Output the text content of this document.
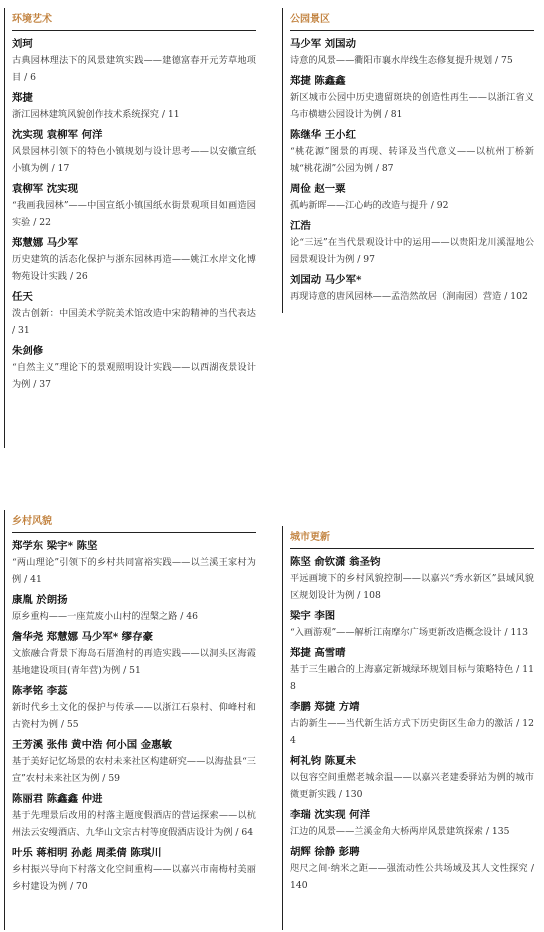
环境艺术
刘珂
古典园林理法下的风景建筑实践——建德富春开元芳草地项目 / 6
郑捷
浙江园林建筑风貌创作技术系统探究 / 11
沈实现 袁柳军 何洋
风景园林引领下的特色小镇规划与设计思考——以安徽宣纸小镇为例 / 17
袁柳军 沈实现
“我画我园林”——中国宣纸小镇国纸水街景观项目如画造园实验 / 22
郑慧娜 马少军
历史建筑的活态化保护与浙东园林再造——姚江水岸文化博物苑设计实践 / 26
任天
泼古创新：中国美术学院美术馆改造中宋韵精神的当代表达 / 31
朱剑修
“自然主义”理论下的景观照明设计实践——以西湖夜景设计为例 / 37
公园景区
马少军 刘国动
诗意的风景——衢阳市襄水岸线生态修复提升规划 / 75
郑捷 陈鑫鑫
新区城市公园中历史遗留斑块的创造性再生——以浙江省义乌市横塘公园设计为例 / 81
陈继华 王小红
“桃花源”图景的再现、转译及当代意义——以杭州丁桥新城“桃花湖”公园为例 / 87
周俭 赵一粟
孤屿新晖——江心屿的改造与提升 / 92
江浩
论“三远”在当代景观设计中的运用——以贵阳龙川溪湿地公园景观设计为例 / 97
刘国动 马少军*
再现诗意的唐风园林——孟浩然故居（涧南园）营造 / 102
乡村风貌
郑学东 梁宇* 陈坚
“两山理论”引领下的乡村共同富裕实践——以兰溪王家村为例 / 41
康胤 於朗扬
原乡重构——一座荒废小山村的涅槃之路 / 46
詹华尧 郑慧娜 马少军* 缪存豪
文旅融合背景下海岛石厝渔村的再造实践——以洞头区海霞基地建设项目(青年营)为例 / 51
陈孝铭 李蕊
新时代乡土文化的保护与传承——以浙江石泉村、仰峰村和古瓷村为例 / 55
王芳溪 张伟 黄中浩 何小国 金惠敏
基于美好记忆场景的农村未来社区构建研究——以海盐县“三宣”农村未来社区为例 / 59
陈丽君 陈鑫鑫 仲进
基于先理景后改用的村落主题度假酒店的营运探索——以杭州法云安缦酒店、九华山文宗古村等度假酒店设计为例 / 64
叶乐 蒋相明 孙彪 周柔倩 陈琪川
乡村振兴导向下村落文化空间重构——以嘉兴市南梅村美丽乡村建设为例 / 70
城市更新
陈坚 俞钦潇 翁圣钧
平远画境下的乡村风貌控制——以嘉兴“秀水新区”县域风貌区规划设计为例 / 108
梁宇 李图
“入画游观”——解析江南摩尔广场更新改造概念设计 / 113
郑捷 高雪晴
基于三生融合的上海嘉定新城绿环规划目标与策略特色 / 118
李鹏 郑捷 方靖
古韵新生——当代新生活方式下历史街区生命力的激活 / 124
柯礼钧 陈夏未
以包容空间重燃老城余温——以嘉兴老建委驿站为例的城市微更新实践 / 130
李瑞 沈实现 何洋
江边的风景——兰溪金角大桥两岸风景建筑探索 / 135
胡辉 徐静 彭聘
咫尺之间·纳米之距——强流动性公共场域及其人文性探究 / 140
